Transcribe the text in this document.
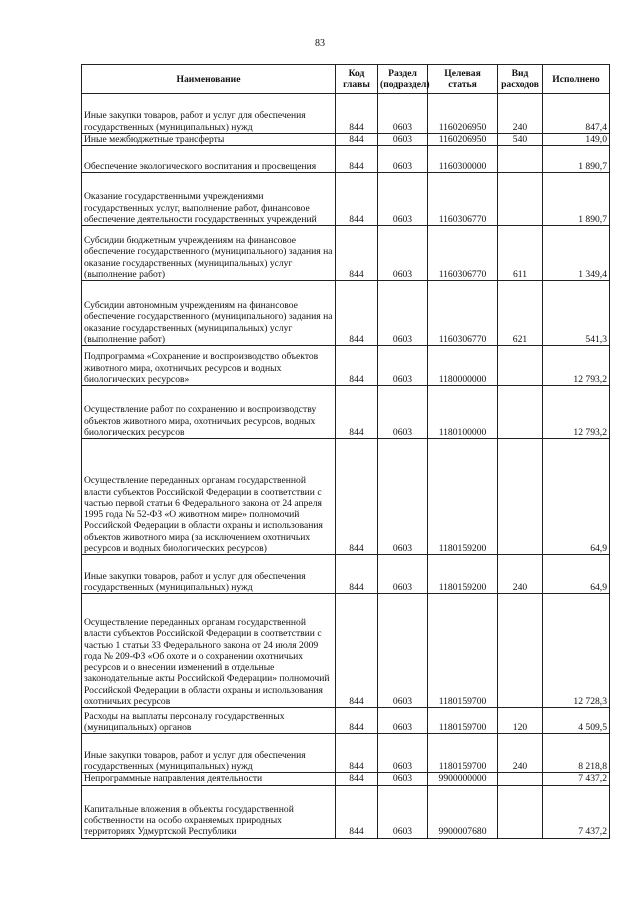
83
Наименование	Код главы	Раздел (подраздел)	Целевая статья	Вид расходов	Исполнено
Иные закупки товаров, работ и услуг для обеспечения государственных (муниципальных) нужд	844	0603	1160206950	240	847,4
Иные межбюджетные трансферты	844	0603	1160206950	540	149,0
Обеспечение экологического воспитания и просвещения	844	0603	1160300000		1 890,7
Оказание государственными учреждениями государственных услуг, выполнение работ, финансовое обеспечение деятельности государственных учреждений	844	0603	1160306770		1 890,7
Субсидии бюджетным учреждениям на финансовое обеспечение государственного (муниципального) задания на оказание государственных (муниципальных) услуг (выполнение работ)	844	0603	1160306770	611	1 349,4
Субсидии автономным учреждениям на финансовое обеспечение государственного (муниципального) задания на оказание государственных (муниципальных) услуг (выполнение работ)	844	0603	1160306770	621	541,3
Подпрограмма «Сохранение и воспроизводство объектов животного мира, охотничьих ресурсов и водных биологических ресурсов»	844	0603	1180000000		12 793,2
Осуществление работ по сохранению и воспроизводству объектов животного мира, охотничьих ресурсов, водных биологических ресурсов	844	0603	1180100000		12 793,2
Осуществление переданных органам государственной власти субъектов Российской Федерации в соответствии с частью первой статьи 6 Федерального закона от 24 апреля 1995 года № 52-ФЗ «О животном мире» полномочий Российской Федерации в области охраны и использования объектов животного мира (за исключением охотничьих ресурсов и водных биологических ресурсов)	844	0603	1180159200		64,9
Иные закупки товаров, работ и услуг для обеспечения государственных (муниципальных) нужд	844	0603	1180159200	240	64,9
Осуществление переданных органам государственной власти субъектов Российской Федерации в соответствии с частью 1 статьи 33 Федерального закона от 24 июля 2009 года № 209-ФЗ «Об охоте и о сохранении охотничьих ресурсов и о внесении изменений в отдельные законодательные акты Российской Федерации» полномочий Российской Федерации в области охраны и использования охотничьих ресурсов	844	0603	1180159700		12 728,3
Расходы на выплаты персоналу государственных (муниципальных) органов	844	0603	1180159700	120	4 509,5
Иные закупки товаров, работ и услуг для обеспечения государственных (муниципальных) нужд	844	0603	1180159700	240	8 218,8
Непрограммные направления деятельности	844	0603	9900000000		7 437,2
Капитальные вложения в объекты государственной собственности на особо охраняемых природных территориях Удмуртской Республики	844	0603	9900007680		7 437,2
